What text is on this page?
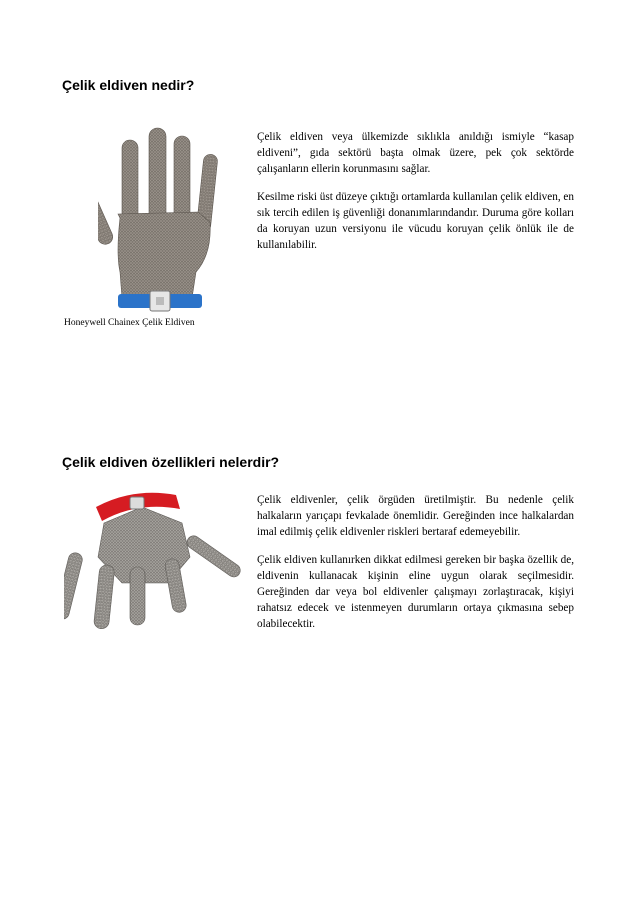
Çelik eldiven nedir?
Honeywell Chainex Çelik Eldiven

Çelik eldiven veya ülkemizde sıklıkla anıldığı ismiyle “kasap eldiveni”, gıda sektörü başta olmak üzere, pek çok sektörde çalışanların ellerin korunmasını sağlar.

Kesilme riski üst düzeye çıktığı ortamlarda kullanılan çelik eldiven, en sık tercih edilen iş güvenliği donanımlarındandır. Duruma göre kolları da koruyan uzun versiyonu ile vücudu koruyan çelik önlük ile de kullanılabilir.

Çelik eldiven özellikleri nelerdir?

Çelik eldivenler, çelik örgüden üretilmiştir. Bu nedenle çelik halkaların yarıçapı fevkalade önemlidir. Gereğinden ince halkalardan imal edilmiş çelik eldivenler riskleri bertaraf edemeyebilir.

Çelik eldiven kullanırken dikkat edilmesi gereken bir başka özellik de, eldivenin kullanacak kişinin eline uygun olarak seçilmesidir. Gereğinden dar veya bol eldivenler çalışmayı zorlaştıracak, kişiyi rahatsız edecek ve istenmeyen durumların ortaya çıkmasına sebep olabilecektir.
